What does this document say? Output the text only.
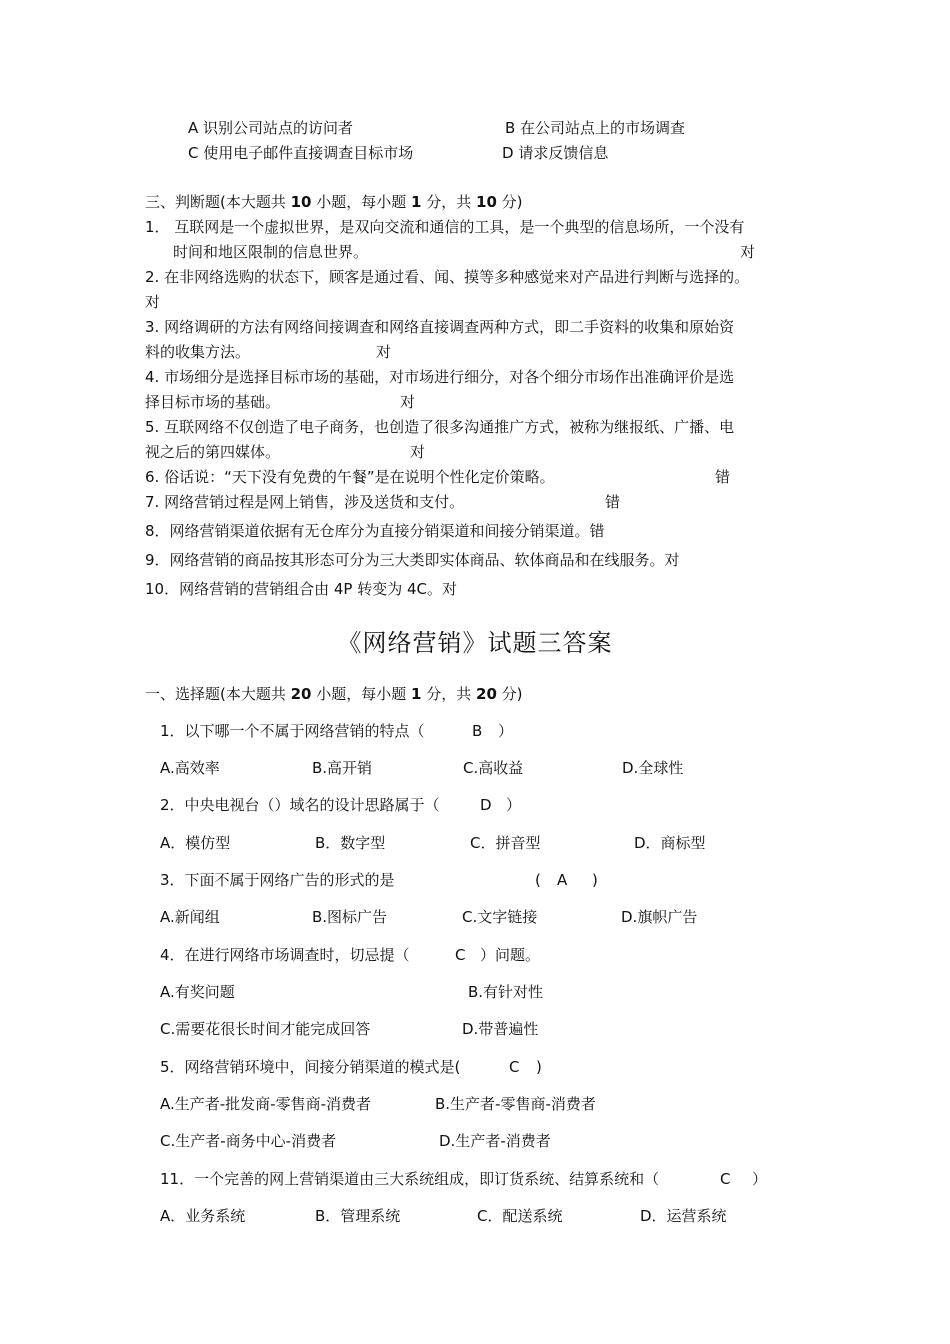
A 识别公司站点的访问者	B 在公司站点上的市场调查
C 使用电子邮件直接调查目标市场	D 请求反馈信息
三、判断题(本大题共 10 小题，每小题 1 分，共 10 分)
1． 互联网是一个虚拟世界，是双向交流和通信的工具，是一个典型的信息场所，一个没有
时间和地区限制的信息世界。	对
2. 在非网络选购的状态下，顾客是通过看、闻、摸等多种感觉来对产品进行判断与选择的。
对
3. 网络调研的方法有网络间接调查和网络直接调查两种方式，即二手资料的收集和原始资
料的收集方法。	对
4. 市场细分是选择目标市场的基础，对市场进行细分，对各个细分市场作出准确评价是选
择目标市场的基础。	对
5. 互联网络不仅创造了电子商务，也创造了很多沟通推广方式，被称为继报纸、广播、电
视之后的第四媒体。	对
6. 俗话说：“天下没有免费的午餐”是在说明个性化定价策略。	错
7. 网络营销过程是网上销售，涉及送货和支付。	错
8．网络营销渠道依据有无仓库分为直接分销渠道和间接分销渠道。错
9．网络营销的商品按其形态可分为三大类即实体商品、软体商品和在线服务。对
10．网络营销的营销组合由 4P 转变为 4C。对
《网络营销》试题三答案
一、选择题(本大题共 20 小题，每小题 1 分，共 20 分)
1．以下哪一个不属于网络营销的特点（	B ）
A.高效率	B.高开销	C.高收益	D.全球性
2．中央电视台（）域名的设计思路属于（	D ）
A．模仿型	B．数字型	C．拼音型	D．商标型
3．下面不属于网络广告的形式的是	( A )
A.新闻组	B.图标广告	C.文字链接	D.旗帜广告
4．在进行网络市场调查时，切忌提（	C ）问题。
A.有奖问题	B.有针对性
C.需要花很长时间才能完成回答	D.带普遍性
5．网络营销环境中，间接分销渠道的模式是(	C )
A.生产者-批发商-零售商-消费者	B.生产者-零售商-消费者
C.生产者-商务中心-消费者	D.生产者-消费者
11．一个完善的网上营销渠道由三大系统组成，即订货系统、结算系统和（	C ）
A．业务系统	B．管理系统	C．配送系统	D．运营系统
